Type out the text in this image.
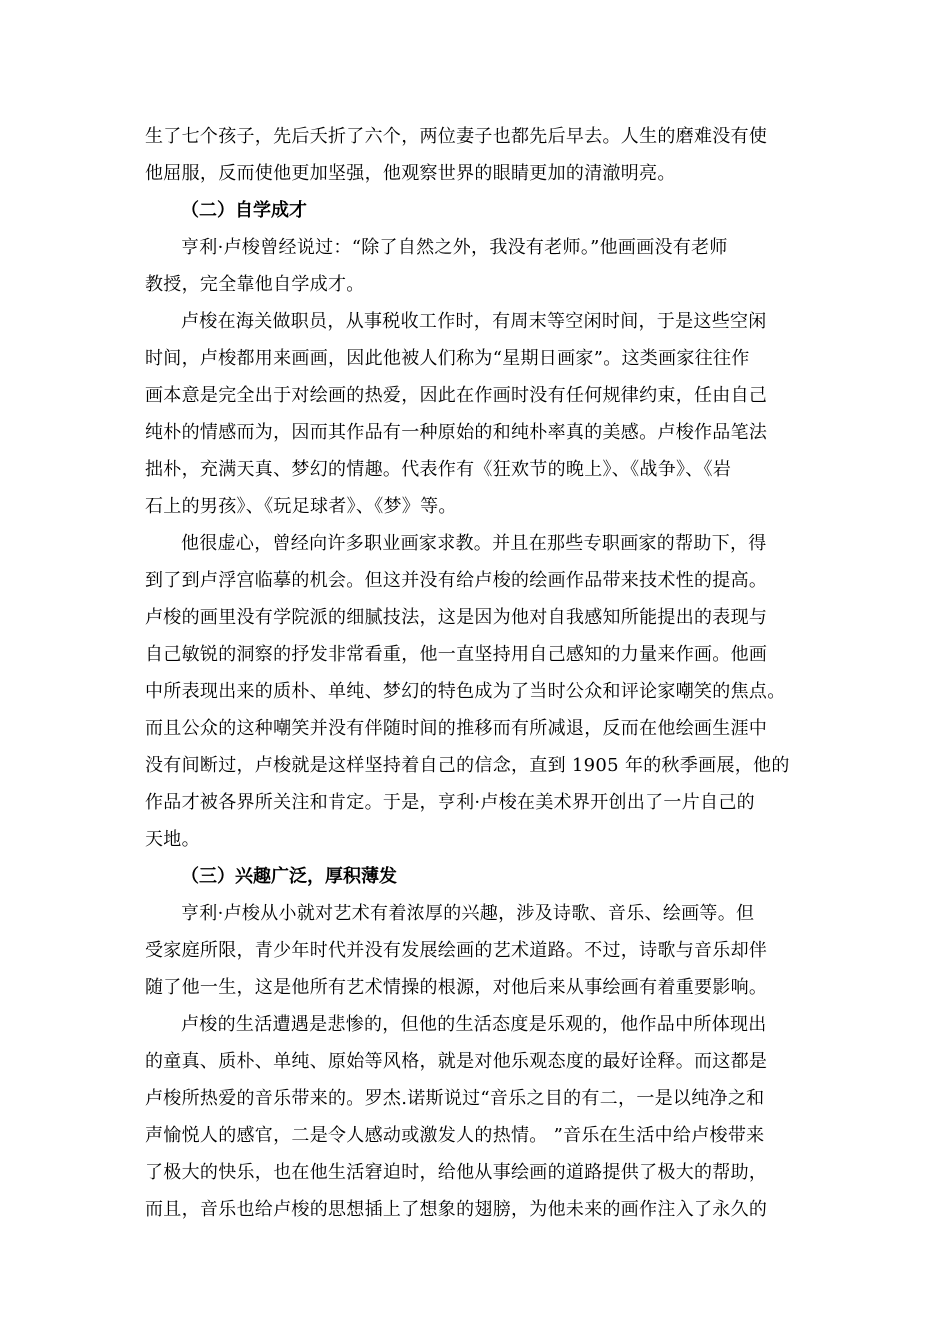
生了七个孩子，先后夭折了六个，两位妻子也都先后早去。人生的磨难没有使
他屈服，反而使他更加坚强，他观察世界的眼睛更加的清澈明亮。
（二）自学成才
亨利·卢梭曾经说过：“除了自然之外，我没有老师。”他画画没有老师
教授，完全靠他自学成才。
卢梭在海关做职员，从事税收工作时，有周末等空闲时间，于是这些空闲
时间，卢梭都用来画画，因此他被人们称为“星期日画家”。这类画家往往作
画本意是完全出于对绘画的热爱，因此在作画时没有任何规律约束，任由自己
纯朴的情感而为，因而其作品有一种原始的和纯朴率真的美感。卢梭作品笔法
拙朴，充满天真、梦幻的情趣。代表作有《狂欢节的晚上》、《战争》、《岩
石上的男孩》、《玩足球者》、《梦》等。
他很虚心，曾经向许多职业画家求教。并且在那些专职画家的帮助下，得
到了到卢浮宫临摹的机会。但这并没有给卢梭的绘画作品带来技术性的提高。
卢梭的画里没有学院派的细腻技法，这是因为他对自我感知所能提出的表现与
自己敏锐的洞察的抒发非常看重，他一直坚持用自己感知的力量来作画。他画
中所表现出来的质朴、单纯、梦幻的特色成为了当时公众和评论家嘲笑的焦点。
而且公众的这种嘲笑并没有伴随时间的推移而有所减退，反而在他绘画生涯中
没有间断过，卢梭就是这样坚持着自己的信念，直到 1905 年的秋季画展，他的
作品才被各界所关注和肯定。于是，亨利·卢梭在美术界开创出了一片自己的
天地。
（三）兴趣广泛，厚积薄发
亨利·卢梭从小就对艺术有着浓厚的兴趣，涉及诗歌、音乐、绘画等。但
受家庭所限，青少年时代并没有发展绘画的艺术道路。不过，诗歌与音乐却伴
随了他一生，这是他所有艺术情操的根源，对他后来从事绘画有着重要影响。
卢梭的生活遭遇是悲惨的，但他的生活态度是乐观的，他作品中所体现出
的童真、质朴、单纯、原始等风格，就是对他乐观态度的最好诠释。而这都是
卢梭所热爱的音乐带来的。罗杰.诺斯说过“音乐之目的有二，一是以纯净之和
声愉悦人的感官，二是令人感动或激发人的热情。 ”音乐在生活中给卢梭带来
了极大的快乐，也在他生活窘迫时，给他从事绘画的道路提供了极大的帮助，
而且，音乐也给卢梭的思想插上了想象的翅膀，为他未来的画作注入了永久的
